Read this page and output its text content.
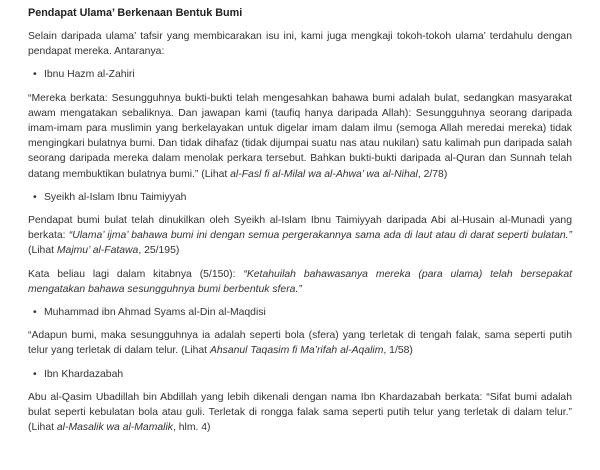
Pendapat Ulama’ Berkenaan Bentuk Bumi

Selain daripada ulama’ tafsir yang membicarakan isu ini, kami juga mengkaji tokoh-tokoh ulama’ terdahulu dengan pendapat mereka. Antaranya:

• Ibnu Hazm al-Zahiri

“Mereka berkata: Sesungguhnya bukti-bukti telah mengesahkan bahawa bumi adalah bulat, sedangkan masyarakat awam mengatakan sebaliknya. Dan jawapan kami (taufiq hanya daripada Allah): Sesungguhnya seorang daripada imam-imam para muslimin yang berkelayakan untuk digelar imam dalam ilmu (semoga Allah meredai mereka) tidak mengingkari bulatnya bumi. Dan tidak dihafaz (tidak dijumpai suatu nas atau nukilan) satu kalimah pun daripada salah seorang daripada mereka dalam menolak perkara tersebut. Bahkan bukti-bukti daripada al-Quran dan Sunnah telah datang membuktikan bulatnya bumi.” (Lihat al-Fasl fi al-Milal wa al-Ahwa’ wa al-Nihal, 2/78)

• Syeikh al-Islam Ibnu Taimiyyah

Pendapat bumi bulat telah dinukilkan oleh Syeikh al-Islam Ibnu Taimiyyah daripada Abi al-Husain al-Munadi yang berkata: “Ulama’ ijma’ bahawa bumi ini dengan semua pergerakannya sama ada di laut atau di darat seperti bulatan.” (Lihat Majmu’ al-Fatawa, 25/195)

Kata beliau lagi dalam kitabnya (5/150): “Ketahuilah bahawasanya mereka (para ulama) telah bersepakat mengatakan bahawa sesungguhnya bumi berbentuk sfera.”

• Muhammad ibn Ahmad Syams al-Din al-Maqdisi

“Adapun bumi, maka sesungguhnya ia adalah seperti bola (sfera) yang terletak di tengah falak, sama seperti putih telur yang terletak di dalam telur. (Lihat Ahsanul Taqasim fi Ma’rifah al-Aqalim, 1/58)

• Ibn Khardazabah

Abu al-Qasim Ubadillah bin Abdillah yang lebih dikenali dengan nama Ibn Khardazabah berkata: “Sifat bumi adalah bulat seperti kebulatan bola atau guli. Terletak di rongga falak sama seperti putih telur yang terletak di dalam telur.” (Lihat al-Masalik wa al-Mamalik, hlm. 4)
